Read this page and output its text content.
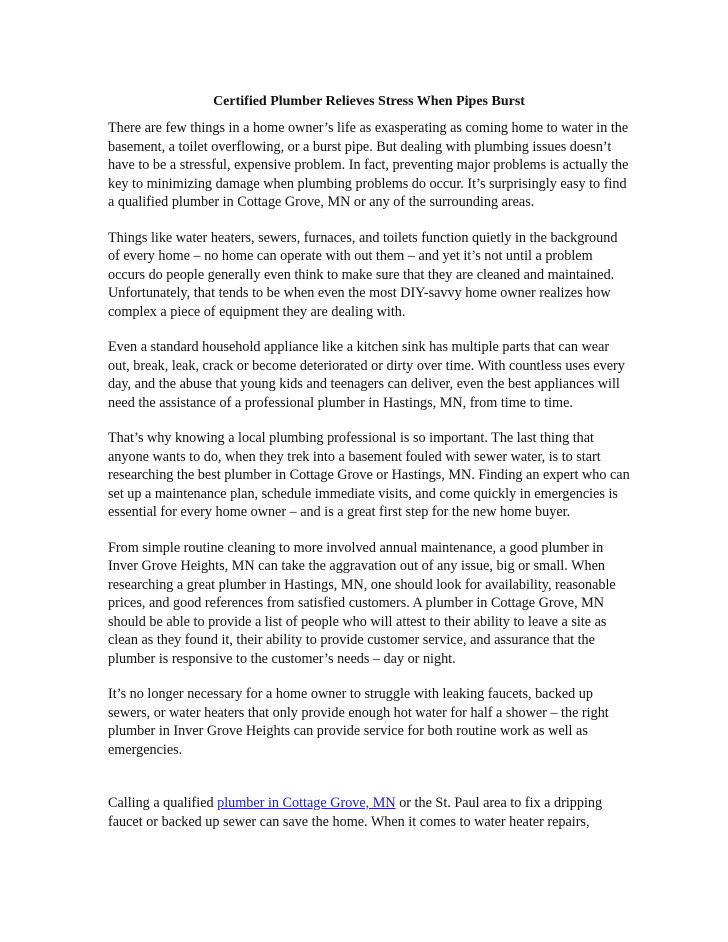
Certified Plumber Relieves Stress When Pipes Burst

There are few things in a home owner’s life as exasperating as coming home to water in the basement, a toilet overflowing, or a burst pipe. But dealing with plumbing issues doesn’t have to be a stressful, expensive problem. In fact, preventing major problems is actually the key to minimizing damage when plumbing problems do occur. It’s surprisingly easy to find a qualified plumber in Cottage Grove, MN or any of the surrounding areas.

Things like water heaters, sewers, furnaces, and toilets function quietly in the background of every home – no home can operate with out them – and yet it’s not until a problem occurs do people generally even think to make sure that they are cleaned and maintained. Unfortunately, that tends to be when even the most DIY-savvy home owner realizes how complex a piece of equipment they are dealing with.

Even a standard household appliance like a kitchen sink has multiple parts that can wear out, break, leak, crack or become deteriorated or dirty over time. With countless uses every day, and the abuse that young kids and teenagers can deliver, even the best appliances will need the assistance of a professional plumber in Hastings, MN, from time to time.

That’s why knowing a local plumbing professional is so important. The last thing that anyone wants to do, when they trek into a basement fouled with sewer water, is to start researching the best plumber in Cottage Grove or Hastings, MN. Finding an expert who can set up a maintenance plan, schedule immediate visits, and come quickly in emergencies is essential for every home owner – and is a great first step for the new home buyer.

From simple routine cleaning to more involved annual maintenance, a good plumber in Inver Grove Heights, MN can take the aggravation out of any issue, big or small. When researching a great plumber in Hastings, MN, one should look for availability, reasonable prices, and good references from satisfied customers. A plumber in Cottage Grove, MN should be able to provide a list of people who will attest to their ability to leave a site as clean as they found it, their ability to provide customer service, and assurance that the plumber is responsive to the customer’s needs – day or night.

It’s no longer necessary for a home owner to struggle with leaking faucets, backed up sewers, or water heaters that only provide enough hot water for half a shower – the right plumber in Inver Grove Heights can provide service for both routine work as well as emergencies.

Calling a qualified plumber in Cottage Grove, MN or the St. Paul area to fix a dripping faucet or backed up sewer can save the home. When it comes to water heater repairs,
